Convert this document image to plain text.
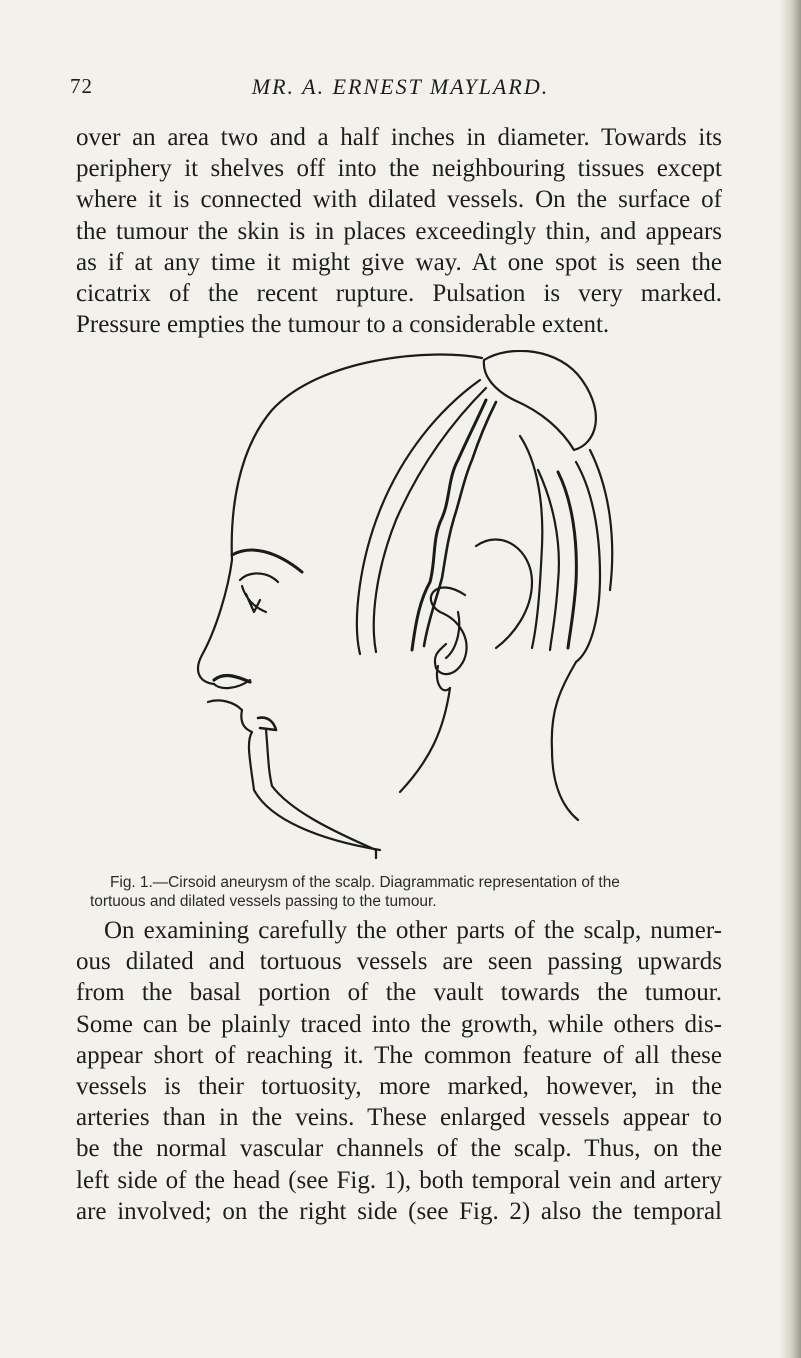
72	MR. A. ERNEST MAYLARD.

over an area two and a half inches in diameter. Towards its
periphery it shelves off into the neighbouring tissues except
where it is connected with dilated vessels. On the surface of
the tumour the skin is in places exceedingly thin, and appears
as if at any time it might give way. At one spot is seen the
cicatrix of the recent rupture. Pulsation is very marked.
Pressure empties the tumour to a considerable extent.

Fig. 1.—Cirsoid aneurysm of the scalp. Diagrammatic representation of the
tortuous and dilated vessels passing to the tumour.

On examining carefully the other parts of the scalp, numer-
ous dilated and tortuous vessels are seen passing upwards
from the basal portion of the vault towards the tumour.
Some can be plainly traced into the growth, while others dis-
appear short of reaching it. The common feature of all these
vessels is their tortuosity, more marked, however, in the
arteries than in the veins. These enlarged vessels appear to
be the normal vascular channels of the scalp. Thus, on the
left side of the head (see Fig. 1), both temporal vein and artery
are involved; on the right side (see Fig. 2) also the temporal
